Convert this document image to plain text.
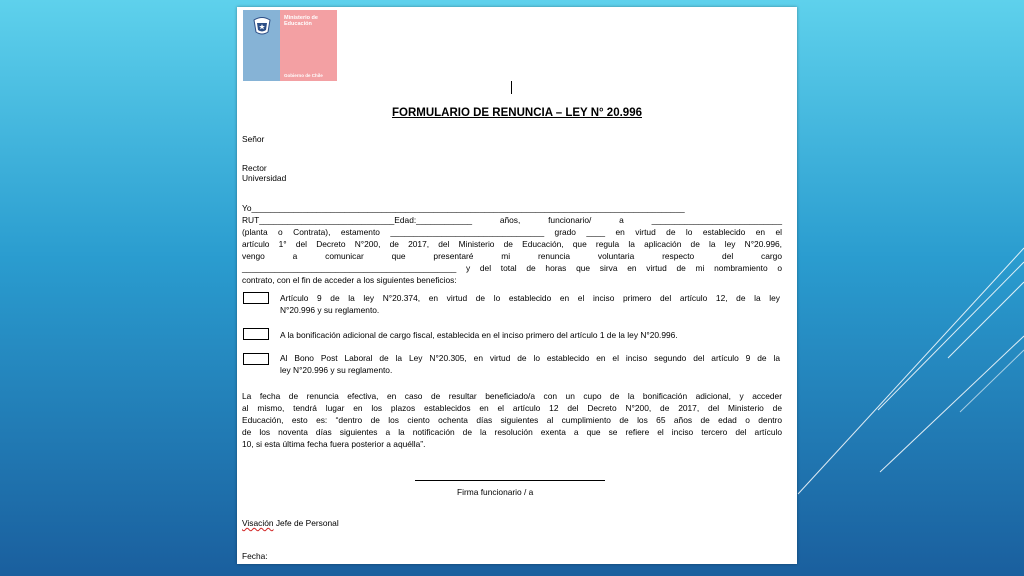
Ministerio de Educación
Gobierno de Chile
FORMULARIO DE RENUNCIA – LEY N° 20.996
Señor
Rector
Universidad
Yo_____________________________________________________________________________________________
RUT_____________________________Edad:____________ años, funcionario/ a ____________________________
(planta o Contrata), estamento _________________________________ grado ____ en virtud de lo establecido en el
artículo 1° del Decreto N°200, de 2017, del Ministerio de Educación, que regula la aplicación de la ley N°20.996,
vengo a comunicar que presentaré mi renuncia voluntaria respecto del cargo
______________________________________________ y del total de horas que sirva en virtud de mi nombramiento o
contrato, con el fin de acceder a los siguientes beneficios:
Artículo 9 de la ley N°20.374, en virtud de lo establecido en el inciso primero del artículo 12, de la ley
N°20.996 y su reglamento.
A la bonificación adicional de cargo fiscal, establecida en el inciso primero del artículo 1 de la ley N°20.996.
Al Bono Post Laboral de la Ley N°20.305, en virtud de lo establecido en el inciso segundo del artículo 9 de la
ley N°20.996 y su reglamento.
La fecha de renuncia efectiva, en caso de resultar beneficiado/a con un cupo de la bonificación adicional, y acceder
al mismo, tendrá lugar en los plazos establecidos en el artículo 12 del Decreto N°200, de 2017, del Ministerio de
Educación, esto es: “dentro de los ciento ochenta días siguientes al cumplimiento de los 65 años de edad o dentro
de los noventa días siguientes a la notificación de la resolución exenta a que se refiere el inciso tercero del artículo
10, si esta última fecha fuera posterior a aquélla”.
Firma funcionario / a
Visación Jefe de Personal
Fecha:
